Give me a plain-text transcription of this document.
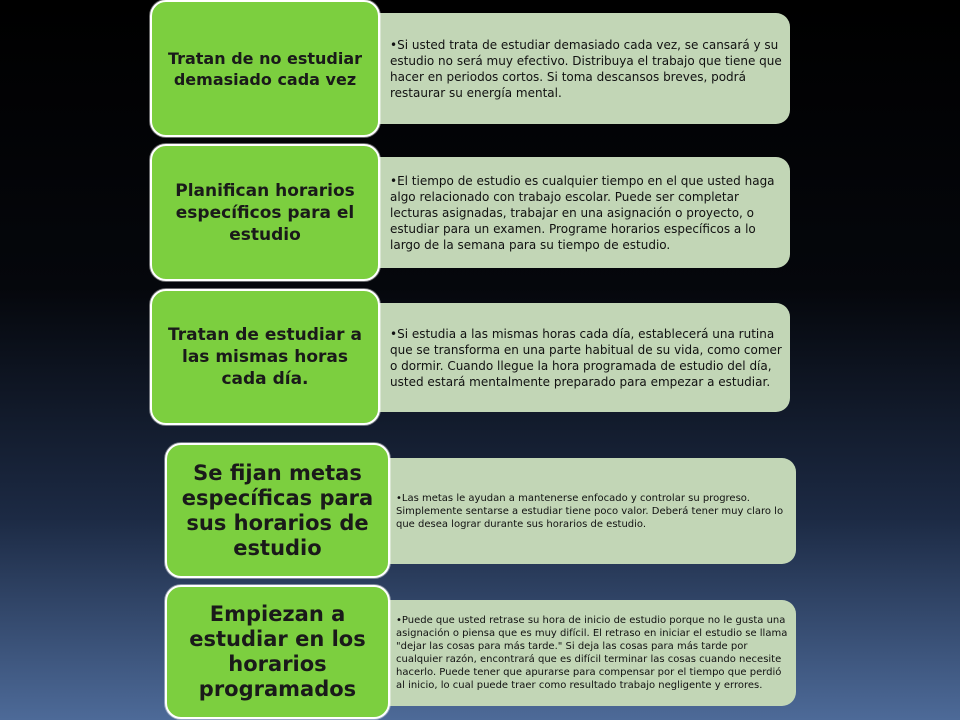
•Si usted trata de estudiar demasiado cada vez, se cansará y su estudio no será muy efectivo. Distribuya el trabajo que tiene que hacer en periodos cortos. Si toma descansos breves, podrá restaurar su energía mental.
Tratan de no estudiar demasiado cada vez
•El tiempo de estudio es cualquier tiempo en el que usted haga algo relacionado con trabajo escolar. Puede ser completar lecturas asignadas, trabajar en una asignación o proyecto, o estudiar para un examen. Programe horarios específicos a lo largo de la semana para su tiempo de estudio.
Planifican horarios específicos para el estudio
•Si estudia a las mismas horas cada día, establecerá una rutina que se transforma en una parte habitual de su vida, como comer o dormir. Cuando llegue la hora programada de estudio del día, usted estará mentalmente preparado para empezar a estudiar.
Tratan de estudiar a las mismas horas cada día.
•Las metas le ayudan a mantenerse enfocado y controlar su progreso. Simplemente sentarse a estudiar tiene poco valor. Deberá tener muy claro lo que desea lograr durante sus horarios de estudio.
Se fijan metas específicas para sus horarios de estudio
•Puede que usted retrase su hora de inicio de estudio porque no le gusta una asignación o piensa que es muy difícil. El retraso en iniciar el estudio se llama "dejar las cosas para más tarde." Si deja las cosas para más tarde por cualquier razón, encontrará que es difícil terminar las cosas cuando necesite hacerlo. Puede tener que apurarse para compensar por el tiempo que perdió al inicio, lo cual puede traer como resultado trabajo negligente y errores.
Empiezan a estudiar en los horarios programados
